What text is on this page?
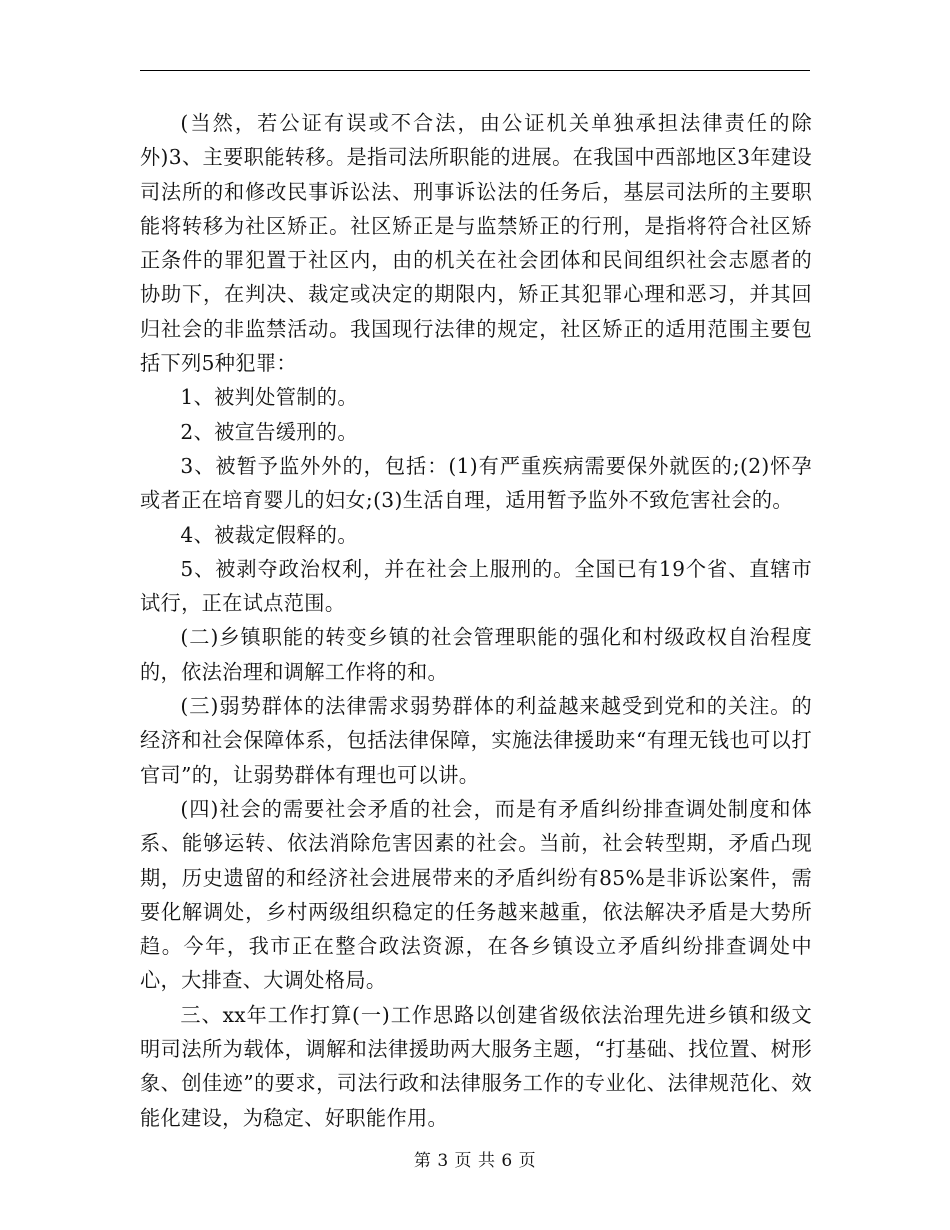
(当然，若公证有误或不合法，由公证机关单独承担法律责任的除外)3、主要职能转移。是指司法所职能的进展。在我国中西部地区3年建设司法所的和修改民事诉讼法、刑事诉讼法的任务后，基层司法所的主要职能将转移为社区矫正。社区矫正是与监禁矫正的行刑，是指将符合社区矫正条件的罪犯置于社区内，由的机关在社会团体和民间组织社会志愿者的协助下，在判决、裁定或决定的期限内，矫正其犯罪心理和恶习，并其回归社会的非监禁活动。我国现行法律的规定，社区矫正的适用范围主要包括下列5种犯罪：

1、被判处管制的。

2、被宣告缓刑的。

3、被暂予监外外的，包括：(1)有严重疾病需要保外就医的;(2)怀孕或者正在培育婴儿的妇女;(3)生活自理，适用暂予监外不致危害社会的。

4、被裁定假释的。

5、被剥夺政治权利，并在社会上服刑的。全国已有19个省、直辖市试行，正在试点范围。

(二)乡镇职能的转变乡镇的社会管理职能的强化和村级政权自治程度的，依法治理和调解工作将的和。

(三)弱势群体的法律需求弱势群体的利益越来越受到党和的关注。的经济和社会保障体系，包括法律保障，实施法律援助来“有理无钱也可以打官司”的，让弱势群体有理也可以讲。

(四)社会的需要社会矛盾的社会，而是有矛盾纠纷排查调处制度和体系、能够运转、依法消除危害因素的社会。当前，社会转型期，矛盾凸现期，历史遗留的和经济社会进展带来的矛盾纠纷有85%是非诉讼案件，需要化解调处，乡村两级组织稳定的任务越来越重，依法解决矛盾是大势所趋。今年，我市正在整合政法资源，在各乡镇设立矛盾纠纷排查调处中心，大排查、大调处格局。

三、xx年工作打算(一)工作思路以创建省级依法治理先进乡镇和级文明司法所为载体，调解和法律援助两大服务主题，“打基础、找位置、树形象、创佳迹”的要求，司法行政和法律服务工作的专业化、法律规范化、效能化建设，为稳定、好职能作用。

第 3 页 共 6 页
